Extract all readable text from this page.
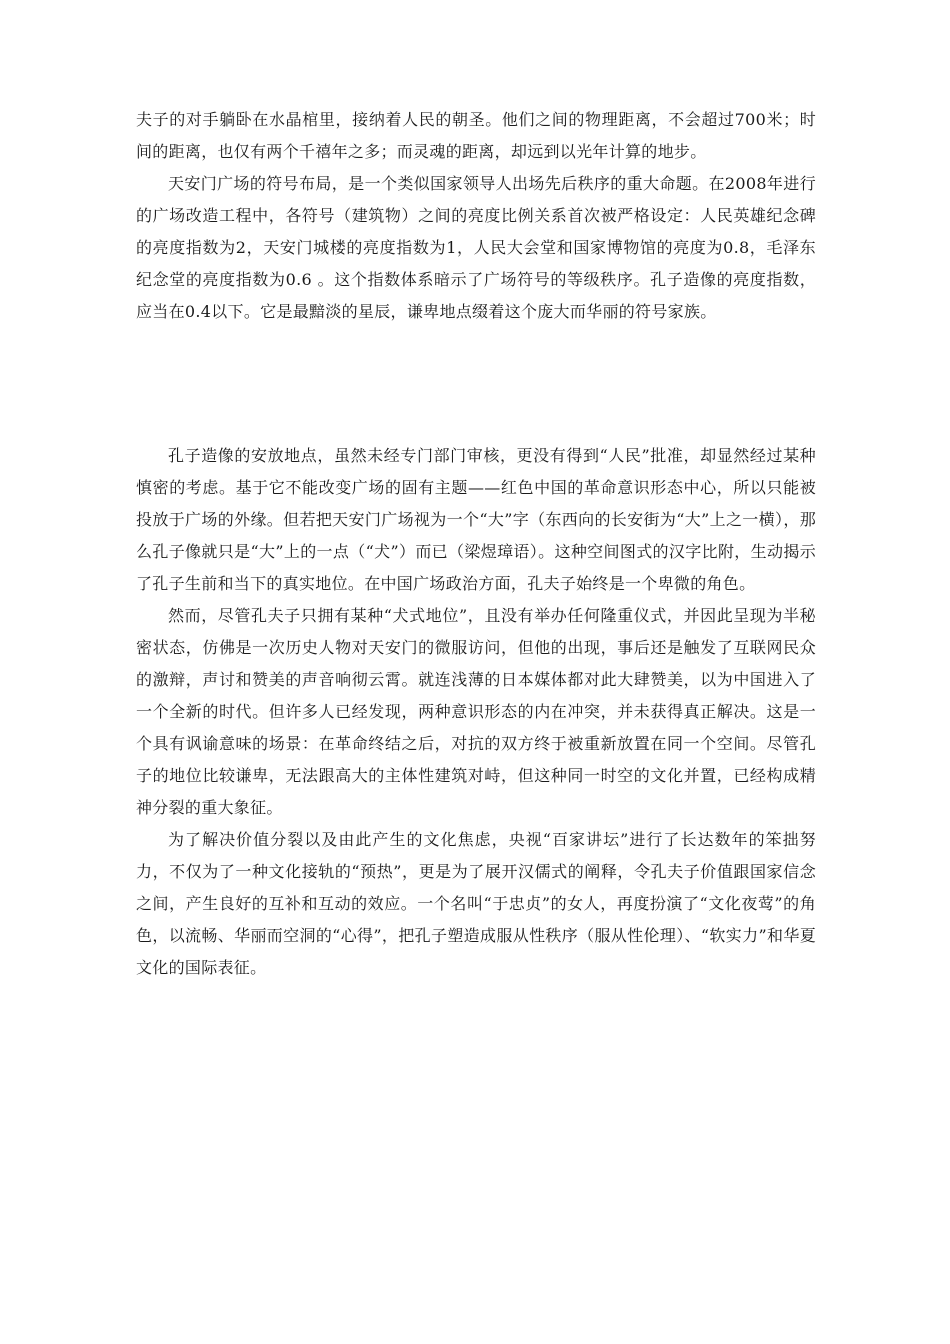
夫子的对手躺卧在水晶棺里，接纳着人民的朝圣。他们之间的物理距离，不会超过700米；时间的距离，也仅有两个千禧年之多；而灵魂的距离，却远到以光年计算的地步。

天安门广场的符号布局，是一个类似国家领导人出场先后秩序的重大命题。在2008年进行的广场改造工程中，各符号（建筑物）之间的亮度比例关系首次被严格设定：人民英雄纪念碑的亮度指数为2，天安门城楼的亮度指数为1，人民大会堂和国家博物馆的亮度为0.8，毛泽东纪念堂的亮度指数为0.6 。这个指数体系暗示了广场符号的等级秩序。孔子造像的亮度指数，应当在0.4以下。它是最黯淡的星辰，谦卑地点缀着这个庞大而华丽的符号家族。

孔子造像的安放地点，虽然未经专门部门审核，更没有得到“人民”批准，却显然经过某种慎密的考虑。基于它不能改变广场的固有主题——红色中国的革命意识形态中心，所以只能被投放于广场的外缘。但若把天安门广场视为一个“大”字（东西向的长安街为“大”上之一横），那么孔子像就只是“大”上的一点（“犬”）而已（梁煜璋语）。这种空间图式的汉字比附，生动揭示了孔子生前和当下的真实地位。在中国广场政治方面，孔夫子始终是一个卑微的角色。

然而，尽管孔夫子只拥有某种“犬式地位”，且没有举办任何隆重仪式，并因此呈现为半秘密状态，仿佛是一次历史人物对天安门的微服访问，但他的出现，事后还是触发了互联网民众的激辩，声讨和赞美的声音响彻云霄。就连浅薄的日本媒体都对此大肆赞美，以为中国进入了一个全新的时代。但许多人已经发现，两种意识形态的内在冲突，并未获得真正解决。这是一个具有讽谕意味的场景：在革命终结之后，对抗的双方终于被重新放置在同一个空间。尽管孔子的地位比较谦卑，无法跟高大的主体性建筑对峙，但这种同一时空的文化并置，已经构成精神分裂的重大象征。

为了解决价值分裂以及由此产生的文化焦虑，央视“百家讲坛”进行了长达数年的笨拙努力，不仅为了一种文化接轨的“预热”，更是为了展开汉儒式的阐释，令孔夫子价值跟国家信念之间，产生良好的互补和互动的效应。一个名叫“于忠贞”的女人，再度扮演了“文化夜莺”的角色，以流畅、华丽而空洞的“心得”，把孔子塑造成服从性秩序（服从性伦理）、“软实力”和华夏文化的国际表征。
